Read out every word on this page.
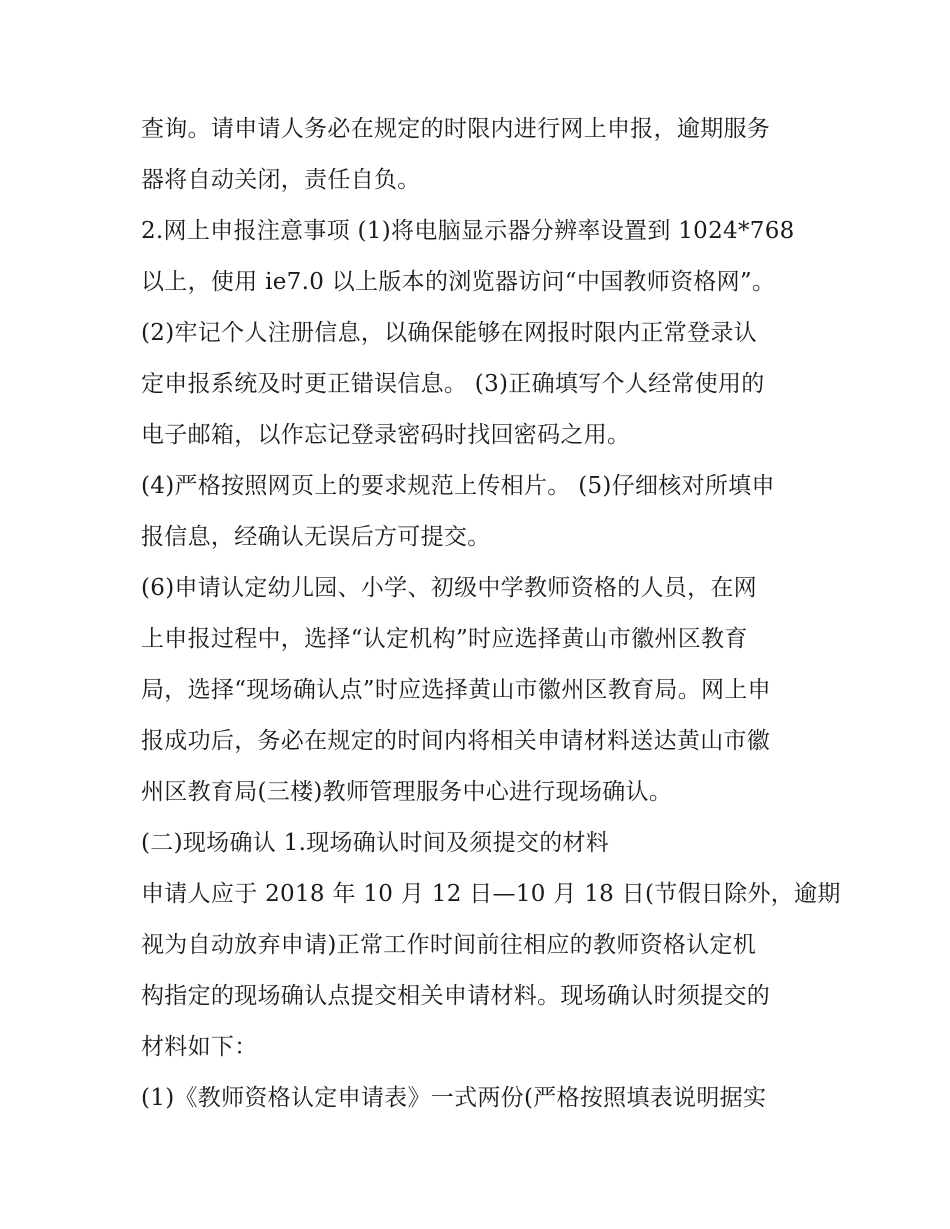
查询。请申请人务必在规定的时限内进行网上申报，逾期服务

器将自动关闭，责任自负。

2.网上申报注意事项 (1)将电脑显示器分辨率设置到 1024*768

以上，使用 ie7.0 以上版本的浏览器访问“中国教师资格网”。

(2)牢记个人注册信息，以确保能够在网报时限内正常登录认

定申报系统及时更正错误信息。 (3)正确填写个人经常使用的

电子邮箱，以作忘记登录密码时找回密码之用。

(4)严格按照网页上的要求规范上传相片。 (5)仔细核对所填申

报信息，经确认无误后方可提交。

(6)申请认定幼儿园、小学、初级中学教师资格的人员，在网

上申报过程中，选择“认定机构”时应选择黄山市徽州区教育

局，选择“现场确认点”时应选择黄山市徽州区教育局。网上申

报成功后，务必在规定的时间内将相关申请材料送达黄山市徽

州区教育局(三楼)教师管理服务中心进行现场确认。

(二)现场确认 1.现场确认时间及须提交的材料

申请人应于 2018 年 10 月 12 日—10 月 18 日(节假日除外，逾期

视为自动放弃申请)正常工作时间前往相应的教师资格认定机

构指定的现场确认点提交相关申请材料。现场确认时须提交的

材料如下：

(1)《教师资格认定申请表》一式两份(严格按照填表说明据实
